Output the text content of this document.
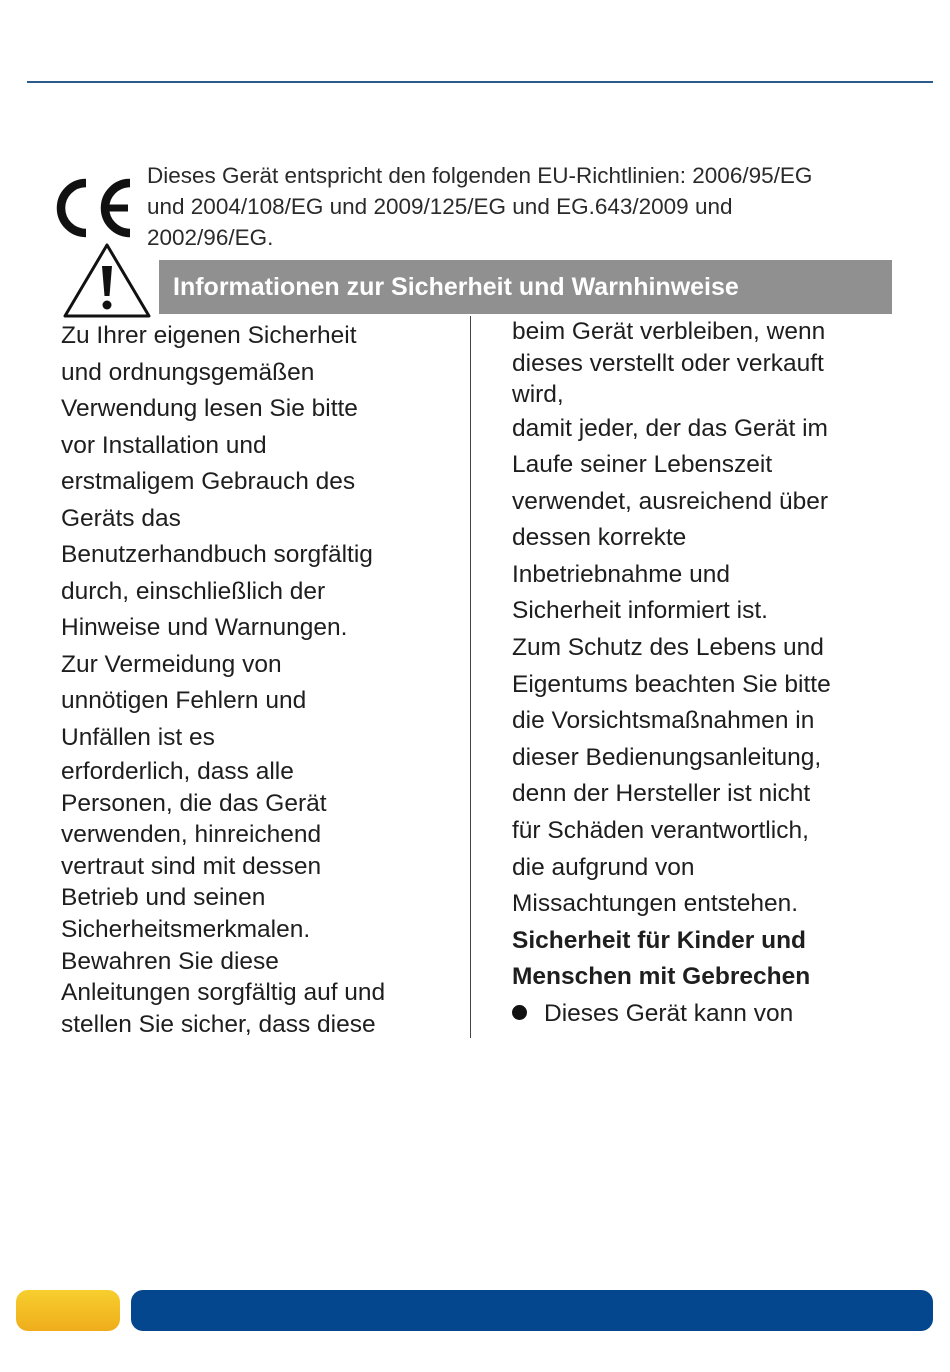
Dieses Gerät entspricht den folgenden EU-Richtlinien: 2006/95/EG
und 2004/108/EG und 2009/125/EG und EG.643/2009 und
2002/96/EG.
Informationen zur Sicherheit und Warnhinweise
Zu Ihrer eigenen Sicherheit
und ordnungsgemäßen
Verwendung lesen Sie bitte
vor Installation und
erstmaligem Gebrauch des
Geräts das
Benutzerhandbuch sorgfältig
durch, einschließlich der
Hinweise und Warnungen.
Zur Vermeidung von
unnötigen Fehlern und
Unfällen ist es
erforderlich, dass alle
Personen, die das Gerät
verwenden, hinreichend
vertraut sind mit dessen
Betrieb und seinen
Sicherheitsmerkmalen.
Bewahren Sie diese
Anleitungen sorgfältig auf und
stellen Sie sicher, dass diese
beim Gerät verbleiben, wenn
dieses verstellt oder verkauft
wird,
damit jeder, der das Gerät im
Laufe seiner Lebenszeit
verwendet, ausreichend über
dessen korrekte
Inbetriebnahme und
Sicherheit informiert ist.
Zum Schutz des Lebens und
Eigentums beachten Sie bitte
die Vorsichtsmaßnahmen in
dieser Bedienungsanleitung,
denn der Hersteller ist nicht
für Schäden verantwortlich,
die aufgrund von
Missachtungen entstehen.
Sicherheit für Kinder und
Menschen mit Gebrechen
Dieses Gerät kann von
